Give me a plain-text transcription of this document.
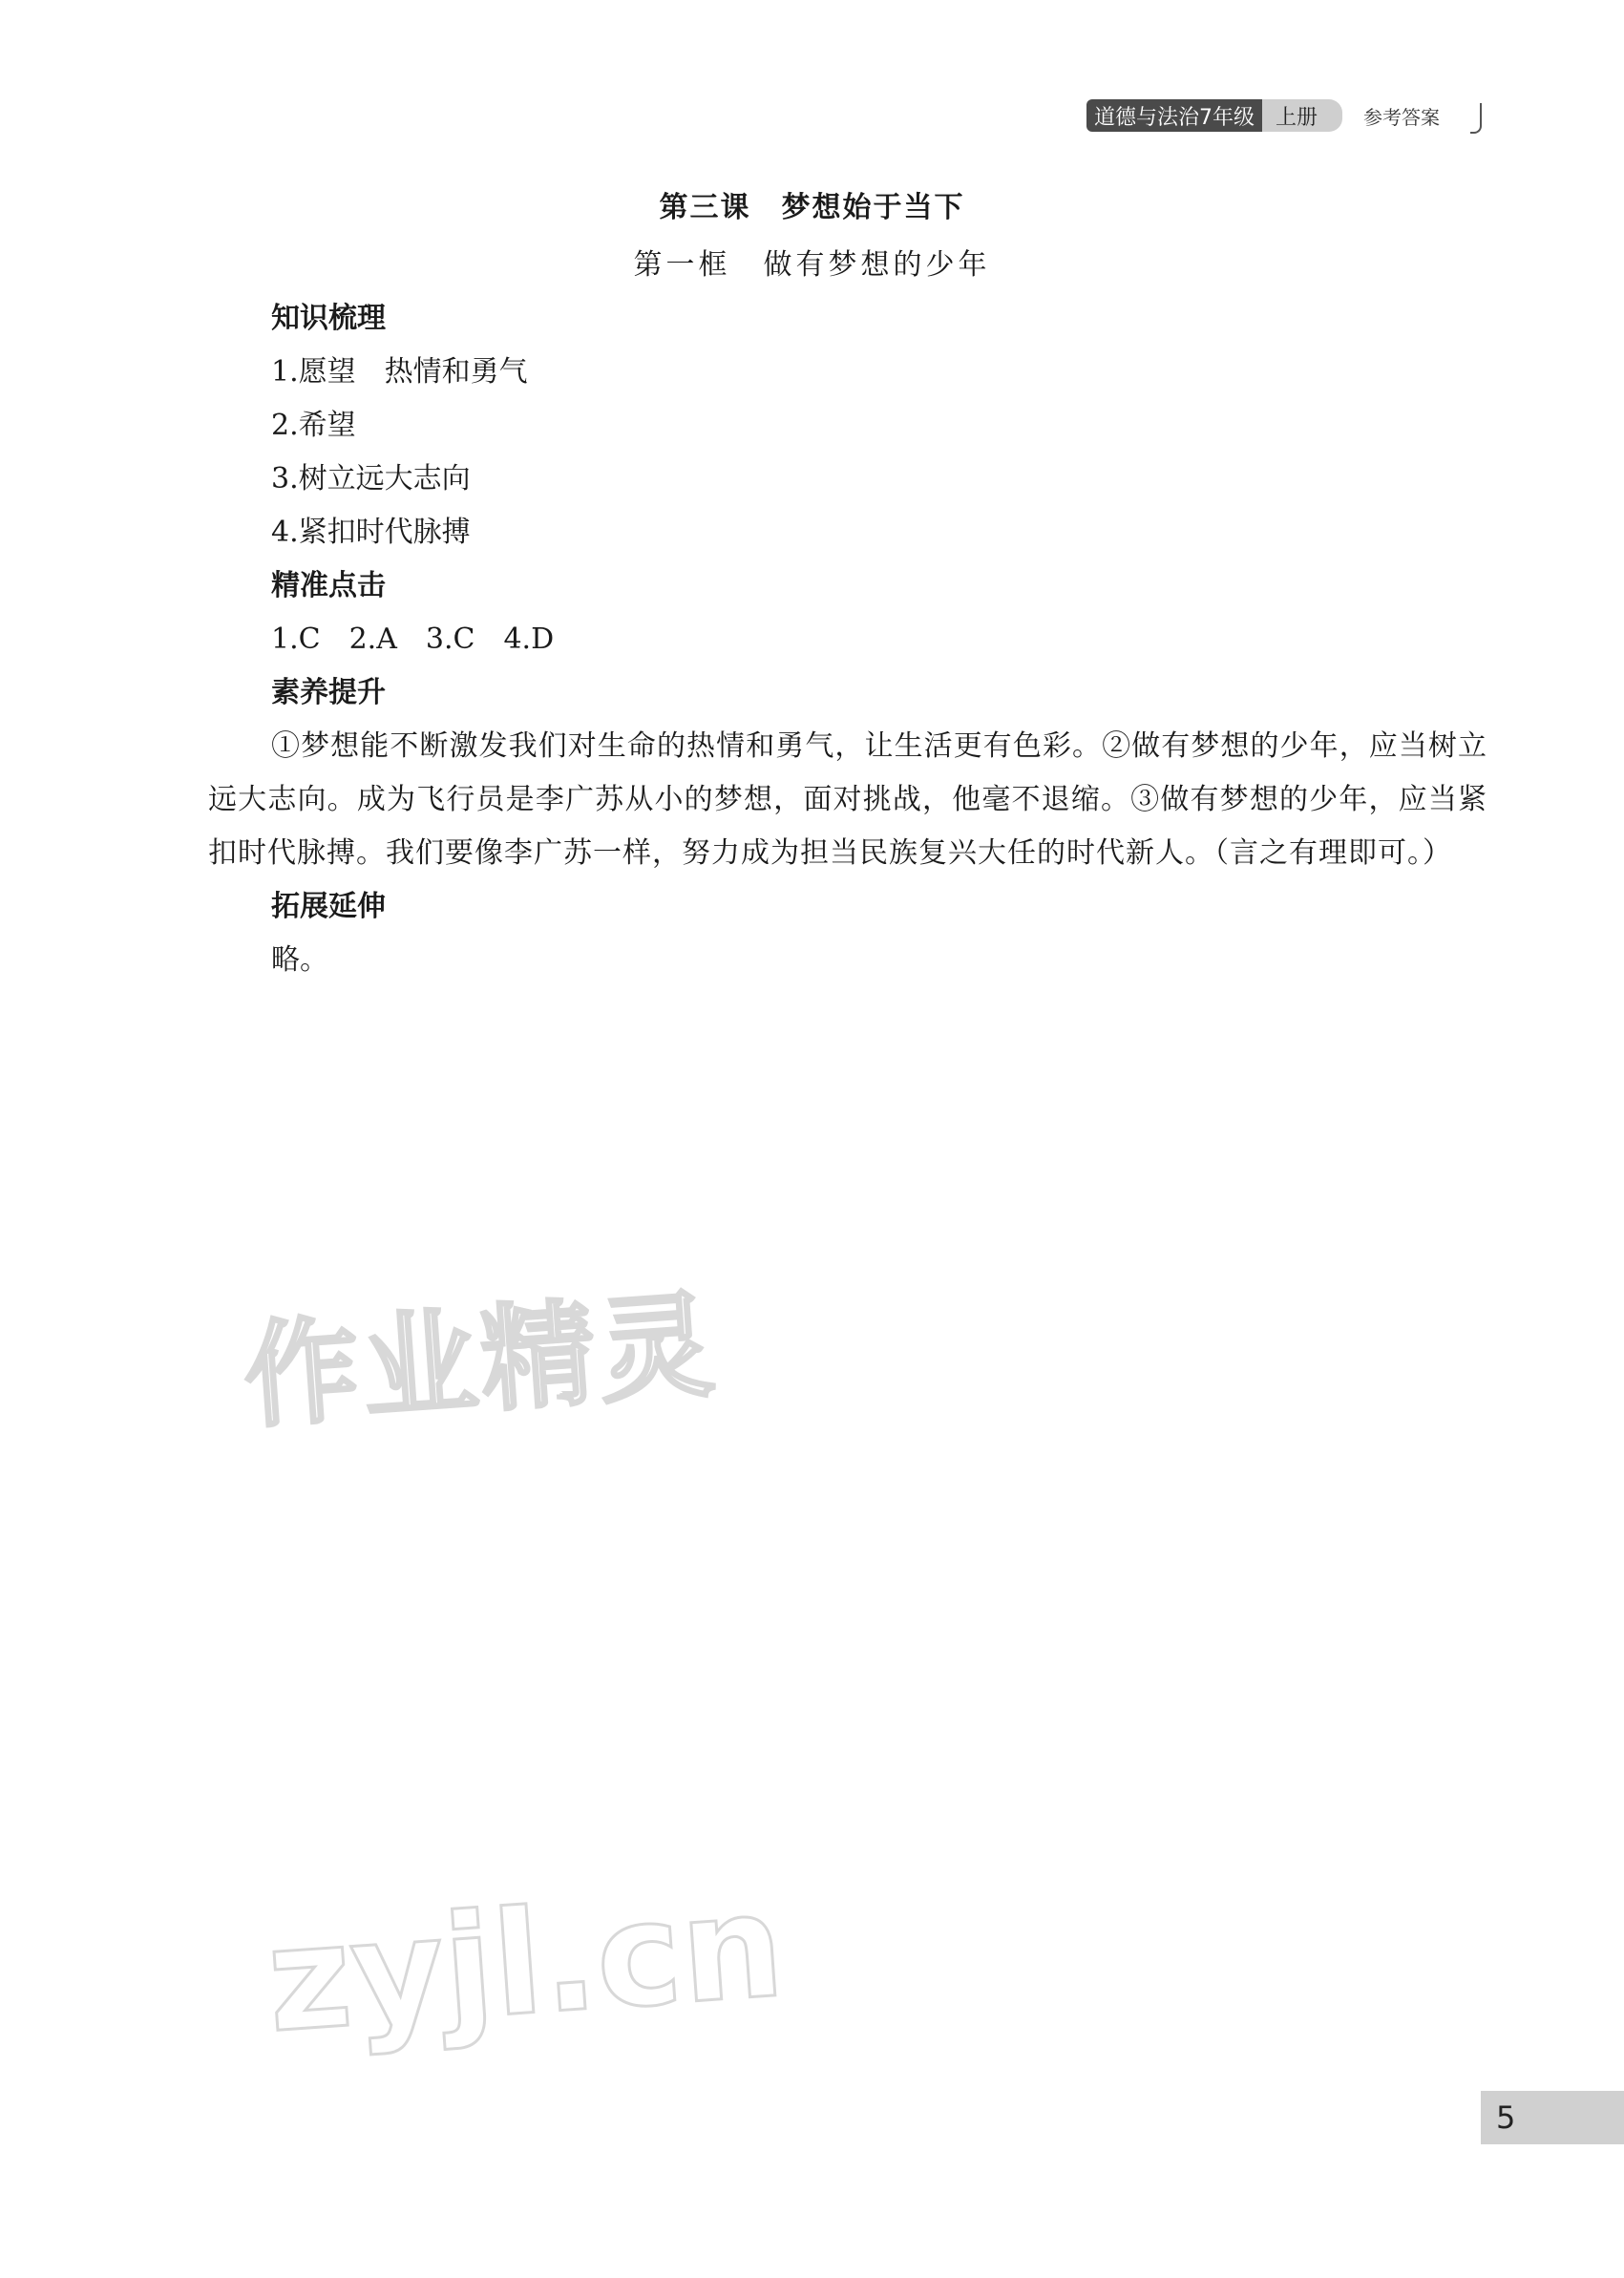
道德与法治7年级	上册	参考答案
第三课　梦想始于当下
第一框　做有梦想的少年
知识梳理
1.愿望　热情和勇气
2.希望
3.树立远大志向
4.紧扣时代脉搏
精准点击
1.C　2.A　3.C　4.D
素养提升
①梦想能不断激发我们对生命的热情和勇气，让生活更有色彩。②做有梦想的少年，应当树立远大志向。成为飞行员是李广苏从小的梦想，面对挑战，他毫不退缩。③做有梦想的少年，应当紧扣时代脉搏。我们要像李广苏一样，努力成为担当民族复兴大任的时代新人。（言之有理即可。）
拓展延伸
略。
作业精灵
zyjl.cn
5
